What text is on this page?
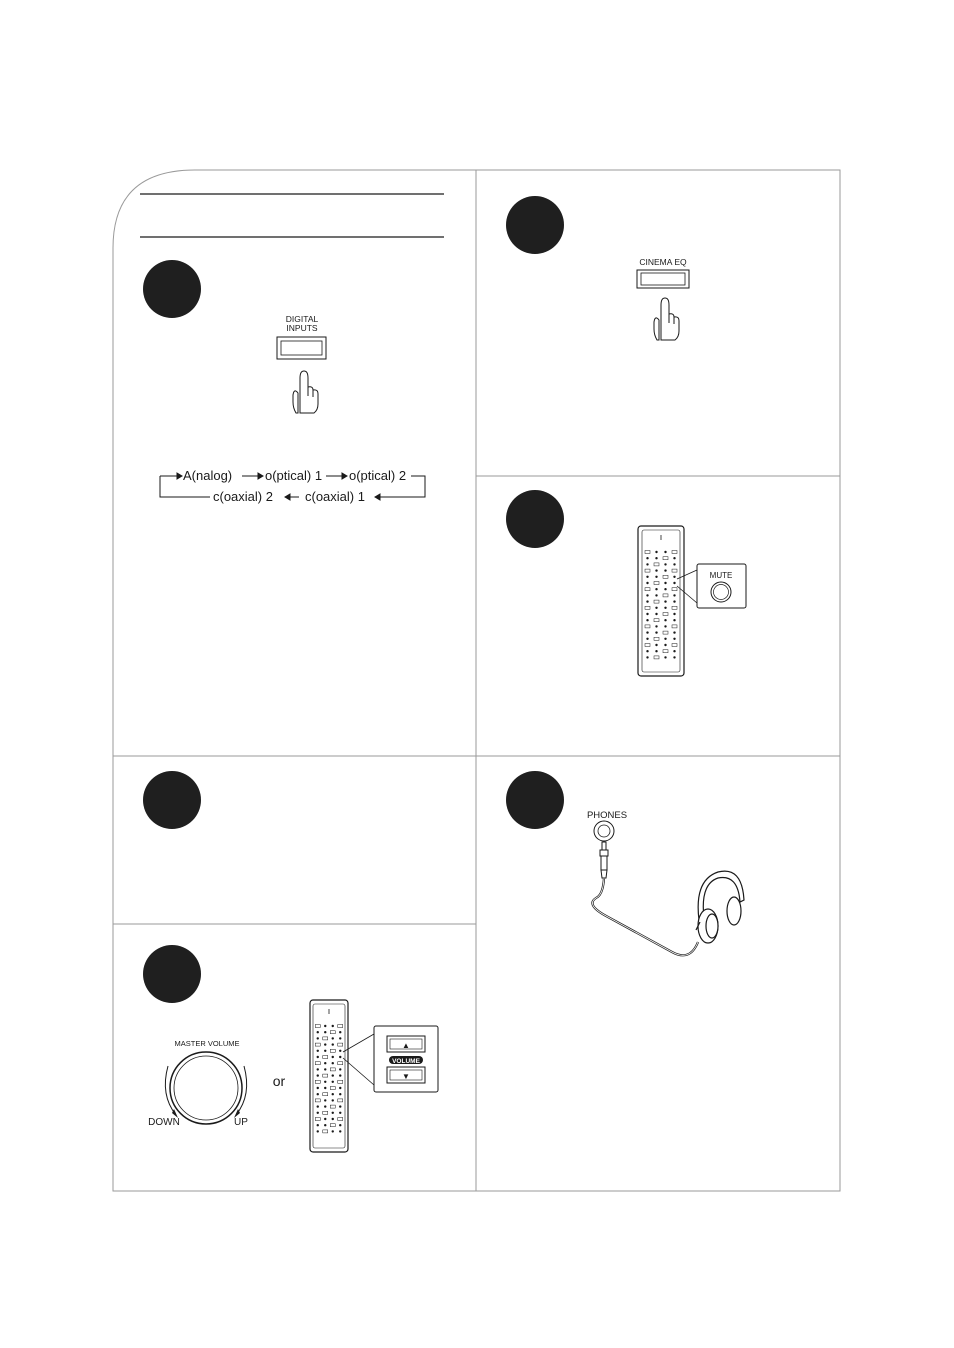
DIGITAL
INPUTS
A(nalog)	o(ptical) 1 o(ptical) 2
c(oaxial) 2 c(oaxial) 1
CINEMA EQ
MUTE
PHONES
MASTER VOLUME
DOWN	UP
or
▲
VOLUME
▼
